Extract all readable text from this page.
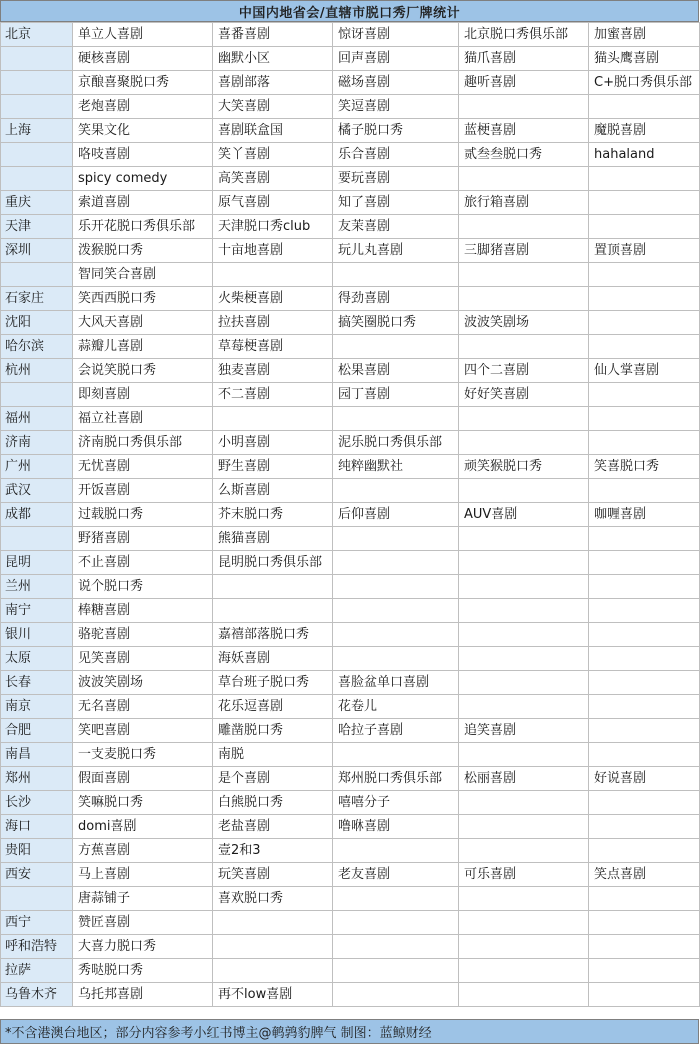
中国内地省会/直辖市脱口秀厂牌统计
北京	单立人喜剧	喜番喜剧	惊讶喜剧	北京脱口秀俱乐部	加蜜喜剧
	硬核喜剧	幽默小区	回声喜剧	猫爪喜剧	猫头鹰喜剧
	京酿喜聚脱口秀	喜剧部落	磁场喜剧	趣听喜剧	C+脱口秀俱乐部
	老炮喜剧	大笑喜剧	笑逗喜剧		
上海	笑果文化	喜剧联盒国	橘子脱口秀	蓝梗喜剧	魔脱喜剧
	咯吱喜剧	笑丫喜剧	乐合喜剧	贰叁叁脱口秀	hahaland
	spicy comedy	高笑喜剧	要玩喜剧		
重庆	索道喜剧	原气喜剧	知了喜剧	旅行箱喜剧	
天津	乐开花脱口秀俱乐部	天津脱口秀club	友茉喜剧		
深圳	泼猴脱口秀	十亩地喜剧	玩儿丸喜剧	三脚猪喜剧	置顶喜剧
	智同笑合喜剧				
石家庄	笑西西脱口秀	火柴梗喜剧	得劲喜剧		
沈阳	大风天喜剧	拉扶喜剧	搞笑圈脱口秀	波波笑剧场	
哈尔滨	蒜瓣儿喜剧	草莓梗喜剧			
杭州	会说笑脱口秀	独麦喜剧	松果喜剧	四个二喜剧	仙人掌喜剧
	即刻喜剧	不二喜剧	园丁喜剧	好好笑喜剧	
福州	福立社喜剧				
济南	济南脱口秀俱乐部	小明喜剧	泥乐脱口秀俱乐部		
广州	无忧喜剧	野生喜剧	纯粹幽默社	顽笑猴脱口秀	笑喜脱口秀
武汉	开饭喜剧	么斯喜剧			
成都	过载脱口秀	芥末脱口秀	后仰喜剧	AUV喜剧	咖喱喜剧
	野猪喜剧	熊猫喜剧			
昆明	不止喜剧	昆明脱口秀俱乐部			
兰州	说个脱口秀				
南宁	棒糖喜剧				
银川	骆驼喜剧	嘉禧部落脱口秀			
太原	见笑喜剧	海妖喜剧			
长春	波波笑剧场	草台班子脱口秀	喜脸盆单口喜剧		
南京	无名喜剧	花乐逗喜剧	花卷儿		
合肥	笑吧喜剧	雕凿脱口秀	哈拉子喜剧	追笑喜剧	
南昌	一支麦脱口秀	南脱			
郑州	假面喜剧	是个喜剧	郑州脱口秀俱乐部	松丽喜剧	好说喜剧
长沙	笑嘛脱口秀	白熊脱口秀	嘻嘻分子		
海口	domi喜剧	老盐喜剧	噜咻喜剧		
贵阳	方蕉喜剧	壹2和3			
西安	马上喜剧	玩笑喜剧	老友喜剧	可乐喜剧	笑点喜剧
	唐蒜铺子	喜欢脱口秀			
西宁	赞匠喜剧				
呼和浩特	大喜力脱口秀				
拉萨	秀哒脱口秀				
乌鲁木齐	乌托邦喜剧	再不low喜剧			
*不含港澳台地区；部分内容参考小红书博主@鹌鹑豹脾气 制图：蓝鲸财经
